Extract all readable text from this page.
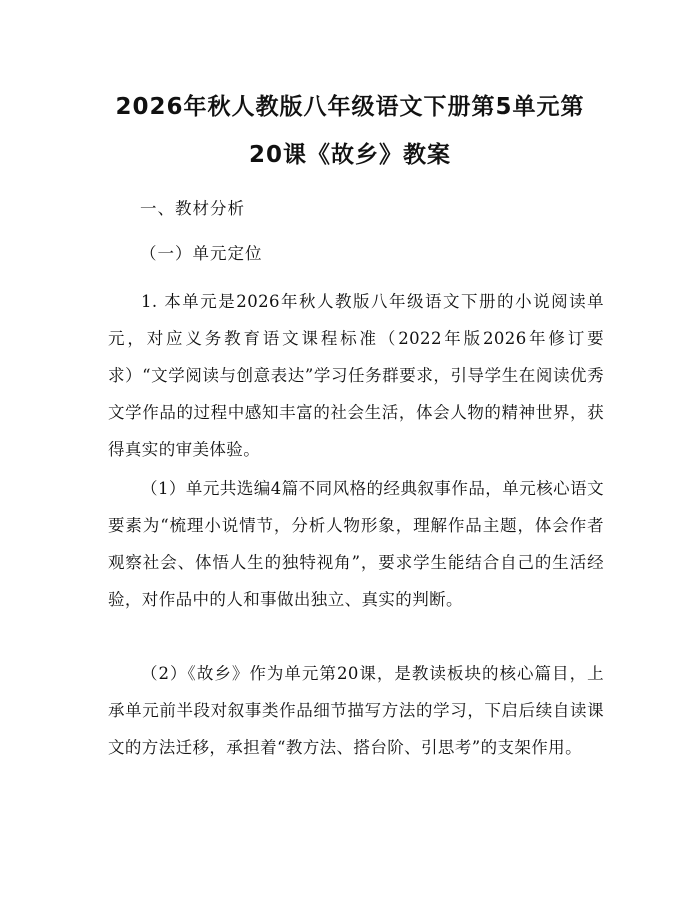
2026年秋人教版八年级语文下册第5单元第
20课《故乡》教案
一、教材分析
（一）单元定位
1. 本单元是2026年秋人教版八年级语文下册的小说阅读单元，对应义务教育语文课程标准（2022年版2026年修订要求）“文学阅读与创意表达”学习任务群要求，引导学生在阅读优秀文学作品的过程中感知丰富的社会生活，体会人物的精神世界，获得真实的审美体验。
（1）单元共选编4篇不同风格的经典叙事作品，单元核心语文要素为“梳理小说情节，分析人物形象，理解作品主题，体会作者观察社会、体悟人生的独特视角”，要求学生能结合自己的生活经验，对作品中的人和事做出独立、真实的判断。
（2）《故乡》作为单元第20课，是教读板块的核心篇目，上承单元前半段对叙事类作品细节描写方法的学习，下启后续自读课文的方法迁移，承担着“教方法、搭台阶、引思考”的支架作用。
